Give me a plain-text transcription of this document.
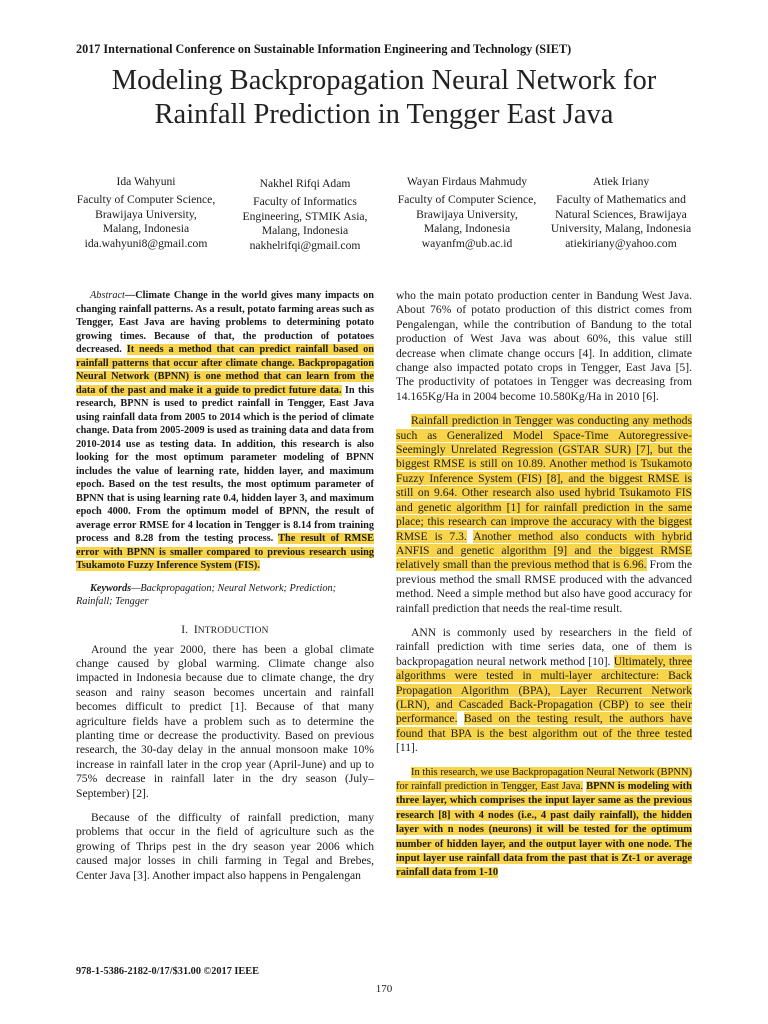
2017 International Conference on Sustainable Information Engineering and Technology (SIET)
Modeling Backpropagation Neural Network for
Rainfall Prediction in Tengger East Java
Ida Wahyuni
Faculty of Computer Science,
Brawijaya University,
Malang, Indonesia
ida.wahyuni8@gmail.com
Nakhel Rifqi Adam
Faculty of Informatics
Engineering, STMIK Asia,
Malang, Indonesia
nakhelrifqi@gmail.com
Wayan Firdaus Mahmudy
Faculty of Computer Science,
Brawijaya University,
Malang, Indonesia
wayanfm@ub.ac.id
Atiek Iriany
Faculty of Mathematics and
Natural Sciences, Brawijaya
University, Malang, Indonesia
atiekiriany@yahoo.com

Abstract—Climate Change in the world gives many impacts on changing rainfall patterns. As a result, potato farming areas such as Tengger, East Java are having problems to determining potato growing times. Because of that, the production of potatoes decreased. It needs a method that can predict rainfall based on rainfall patterns that occur after climate change. Backpropagation Neural Network (BPNN) is one method that can learn from the data of the past and make it a guide to predict future data. In this research, BPNN is used to predict rainfall in Tengger, East Java using rainfall data from 2005 to 2014 which is the period of climate change. Data from 2005-2009 is used as training data and data from 2010-2014 use as testing data. In addition, this research is also looking for the most optimum parameter modeling of BPNN includes the value of learning rate, hidden layer, and maximum epoch. Based on the test results, the most optimum parameter of BPNN that is using learning rate 0.4, hidden layer 3, and maximum epoch 4000. From the optimum model of BPNN, the result of average error RMSE for 4 location in Tengger is 8.14 from training process and 8.28 from the testing process. The result of RMSE error with BPNN is smaller compared to previous research using Tsukamoto Fuzzy Inference System (FIS).

Keywords—Backpropagation; Neural Network; Prediction; Rainfall; Tengger

I. INTRODUCTION

Around the year 2000, there has been a global climate change caused by global warming. Climate change also impacted in Indonesia because due to climate change, the dry season and rainy season becomes uncertain and rainfall becomes difficult to predict [1]. Because of that many agriculture fields have a problem such as to determine the planting time or decrease the productivity. Based on previous research, the 30-day delay in the annual monsoon make 10% increase in rainfall later in the crop year (April-June) and up to 75% decrease in rainfall later in the dry season (July–September) [2].

Because of the difficulty of rainfall prediction, many problems that occur in the field of agriculture such as the growing of Thrips pest in the dry season year 2006 which caused major losses in chili farming in Tegal and Brebes, Center Java [3]. Another impact also happens in Pengalengan

who the main potato production center in Bandung West Java. About 76% of potato production of this district comes from Pengalengan, while the contribution of Bandung to the total production of West Java was about 60%, this value still decrease when climate change occurs [4]. In addition, climate change also impacted potato crops in Tengger, East Java [5]. The productivity of potatoes in Tengger was decreasing from 14.165Kg/Ha in 2004 become 10.580Kg/Ha in 2010 [6].

Rainfall prediction in Tengger was conducting any methods such as Generalized Model Space-Time Autoregressive-Seemingly Unrelated Regression (GSTAR SUR) [7], but the biggest RMSE is still on 10.89. Another method is Tsukamoto Fuzzy Inference System (FIS) [8], and the biggest RMSE is still on 9.64. Other research also used hybrid Tsukamoto FIS and genetic algorithm [1] for rainfall prediction in the same place; this research can improve the accuracy with the biggest RMSE is 7.3. Another method also conducts with hybrid ANFIS and genetic algorithm [9] and the biggest RMSE relatively small than the previous method that is 6.96. From the previous method the small RMSE produced with the advanced method. Need a simple method but also have good accuracy for rainfall prediction that needs the real-time result.

ANN is commonly used by researchers in the field of rainfall prediction with time series data, one of them is backpropagation neural network method [10]. Ultimately, three algorithms were tested in multi-layer architecture: Back Propagation Algorithm (BPA), Layer Recurrent Network (LRN), and Cascaded Back-Propagation (CBP) to see their performance. Based on the testing result, the authors have found that BPA is the best algorithm out of the three tested [11].

In this research, we use Backpropagation Neural Network (BPNN) for rainfall prediction in Tengger, East Java. BPNN is modeling with three layer, which comprises the input layer same as the previous research [8] with 4 nodes (i.e., 4 past daily rainfall), the hidden layer with n nodes (neurons) it will be tested for the optimum number of hidden layer, and the output layer with one node. The input layer use rainfall data from the past that is Zt-1 or average rainfall data from 1-10

978-1-5386-2182-0/17/$31.00 ©2017 IEEE
170
